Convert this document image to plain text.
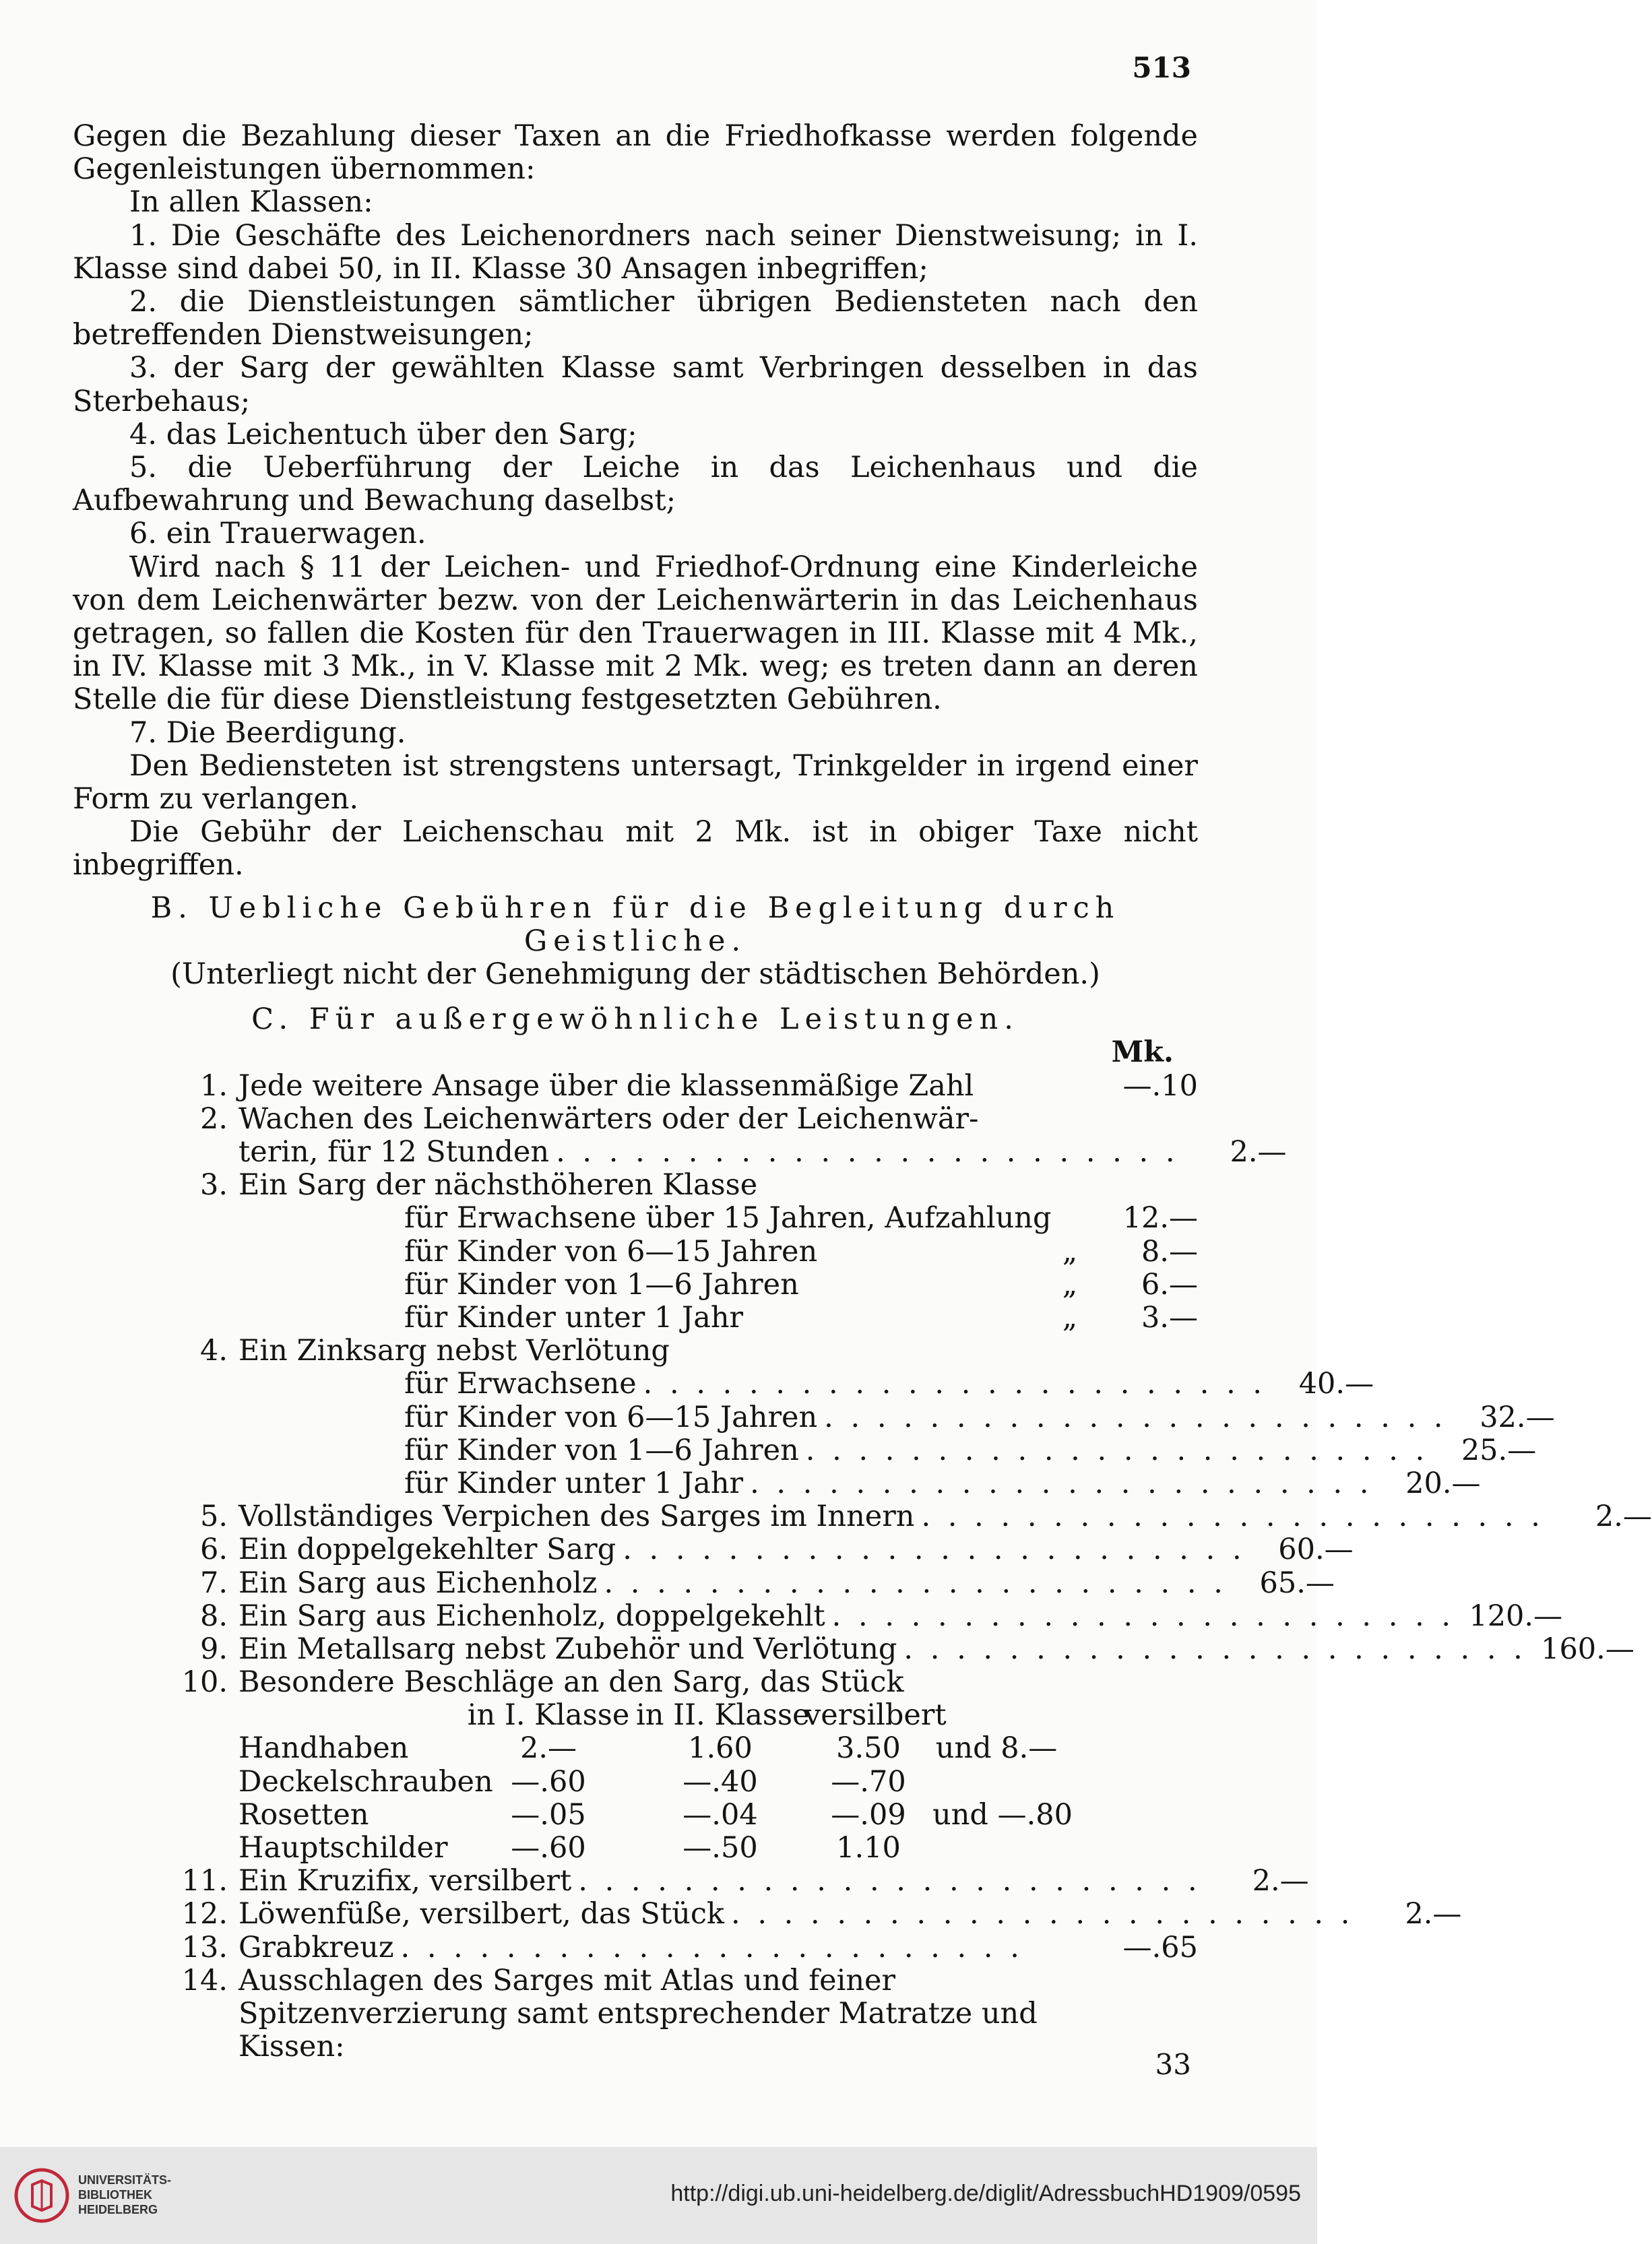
513

Gegen die Bezahlung dieser Taxen an die Friedhofkasse werden folgende Gegenleistungen übernommen:

In allen Klassen:

1. Die Geschäfte des Leichenordners nach seiner Dienstweisung; in I. Klasse sind dabei 50, in II. Klasse 30 Ansagen inbegriffen;

2. die Dienstleistungen sämtlicher übrigen Bediensteten nach den betreffenden Dienstweisungen;

3. der Sarg der gewählten Klasse samt Verbringen desselben in das Sterbehaus;

4. das Leichentuch über den Sarg;

5. die Ueberführung der Leiche in das Leichenhaus und die Aufbewahrung und Bewachung daselbst;

6. ein Trauerwagen.

Wird nach § 11 der Leichen- und Friedhof-Ordnung eine Kinderleiche von dem Leichenwärter bezw. von der Leichenwärterin in das Leichenhaus getragen, so fallen die Kosten für den Trauerwagen in III. Klasse mit 4 Mk., in IV. Klasse mit 3 Mk., in V. Klasse mit 2 Mk. weg; es treten dann an deren Stelle die für diese Dienstleistung festgesetzten Gebühren.

7. Die Beerdigung.

Den Bediensteten ist strengstens untersagt, Trinkgelder in irgend einer Form zu verlangen.

Die Gebühr der Leichenschau mit 2 Mk. ist in obiger Taxe nicht inbegriffen.

B. Uebliche Gebühren für die Begleitung durch Geistliche.

(Unterliegt nicht der Genehmigung der städtischen Behörden.)

C. Für außergewöhnliche Leistungen.

Mk.
1. Jede weitere Ansage über die klassenmäßige Zahl	—.10
2. Wachen des Leichenwärters oder der Leichenwär-
terin, für 12 Stunden . . . . . . . . . . . . . . . . . . . . . . . .	2.—
3. Ein Sarg der nächsthöheren Klasse
für Erwachsene über 15 Jahren, Aufzahlung	12.—
für Kinder von 6—15 Jahren	„	8.—
für Kinder von 1—6 Jahren	„	6.—
für Kinder unter 1 Jahr	„	3.—
4. Ein Zinksarg nebst Verlötung
für Erwachsene . . . . . . . . . . . . . . . . . . . . . . . .	40.—
für Kinder von 6—15 Jahren . . . . . . . . . . . . . . . . . . . . . . . .	32.—
für Kinder von 1—6 Jahren . . . . . . . . . . . . . . . . . . . . . . . .	25.—
für Kinder unter 1 Jahr . . . . . . . . . . . . . . . . . . . . . . . .	20.—
5. Vollständiges Verpichen des Sarges im Innern . . . . . . . . . . . . . . . . . . . . . . . .	2.—
6. Ein doppelgekehlter Sarg . . . . . . . . . . . . . . . . . . . . . . . .	60.—
7. Ein Sarg aus Eichenholz . . . . . . . . . . . . . . . . . . . . . . . .	65.—
8. Ein Sarg aus Eichenholz, doppelgekehlt . . . . . . . . . . . . . . . . . . . . . . . . 120.—
9. Ein Metallsarg nebst Zubehör und Verlötung . . . . . . . . . . . . . . . . . . . . . . . . 160.—
10. Besondere Beschläge an den Sarg, das Stück
in I. Klasse in II. Klasse
versilbert
Handhaben	2.—	1.60	3.50	und 8.—
Deckelschrauben —.60	—.40	—.70
Rosetten	—.05	—.04	—.09 und —.80
Hauptschilder	—.60	—.50	1.10
11. Ein Kruzifix, versilbert . . . . . . . . . . . . . . . . . . . . . . . .	2.—
12. Löwenfüße, versilbert, das Stück . . . . . . . . . . . . . . . . . . . . . . . .	2.—
13. Grabkreuz . . . . . . . . . . . . . . . . . . . . . . . .	—.65
14. Ausschlagen des Sarges mit Atlas und feiner
Spitzenverzierung samt entsprechender Matratze und
Kissen:
33
UNIVERSITÄTS-
BIBLIOTHEK
HEIDELBERG
http://digi.ub.uni-heidelberg.de/diglit/AdressbuchHD1909/0595
